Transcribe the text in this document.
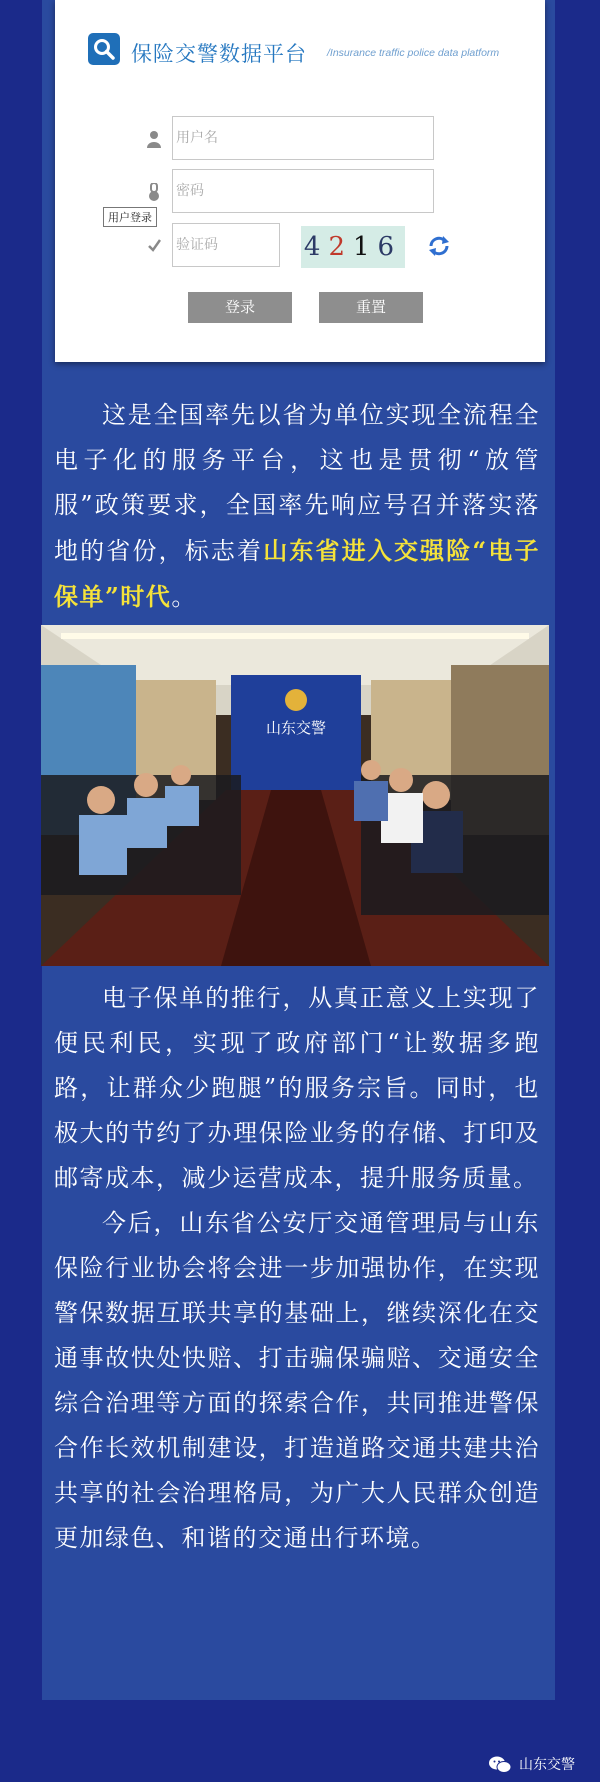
保险交警数据平台 /Insurance traffic police data platform
用户名
用户登录
验证码
4216
登录	重置

这是全国率先以省为单位实现全流程全电子化的服务平台，这也是贯彻“放管服”政策要求，全国率先响应号召并落实落地的省份，标志着山东省进入交强险“电子保单”时代。

山东交警

电子保单的推行，从真正意义上实现了便民利民，实现了政府部门“让数据多跑路，让群众少跑腿”的服务宗旨。同时，也极大的节约了办理保险业务的存储、打印及邮寄成本，减少运营成本，提升服务质量。

今后，山东省公安厅交通管理局与山东保险行业协会将会进一步加强协作，在实现警保数据互联共享的基础上，继续深化在交通事故快处快赔、打击骗保骗赔、交通安全综合治理等方面的探索合作，共同推进警保合作长效机制建设，打造道路交通共建共治共享的社会治理格局，为广大人民群众创造更加绿色、和谐的交通出行环境。

山东交警
